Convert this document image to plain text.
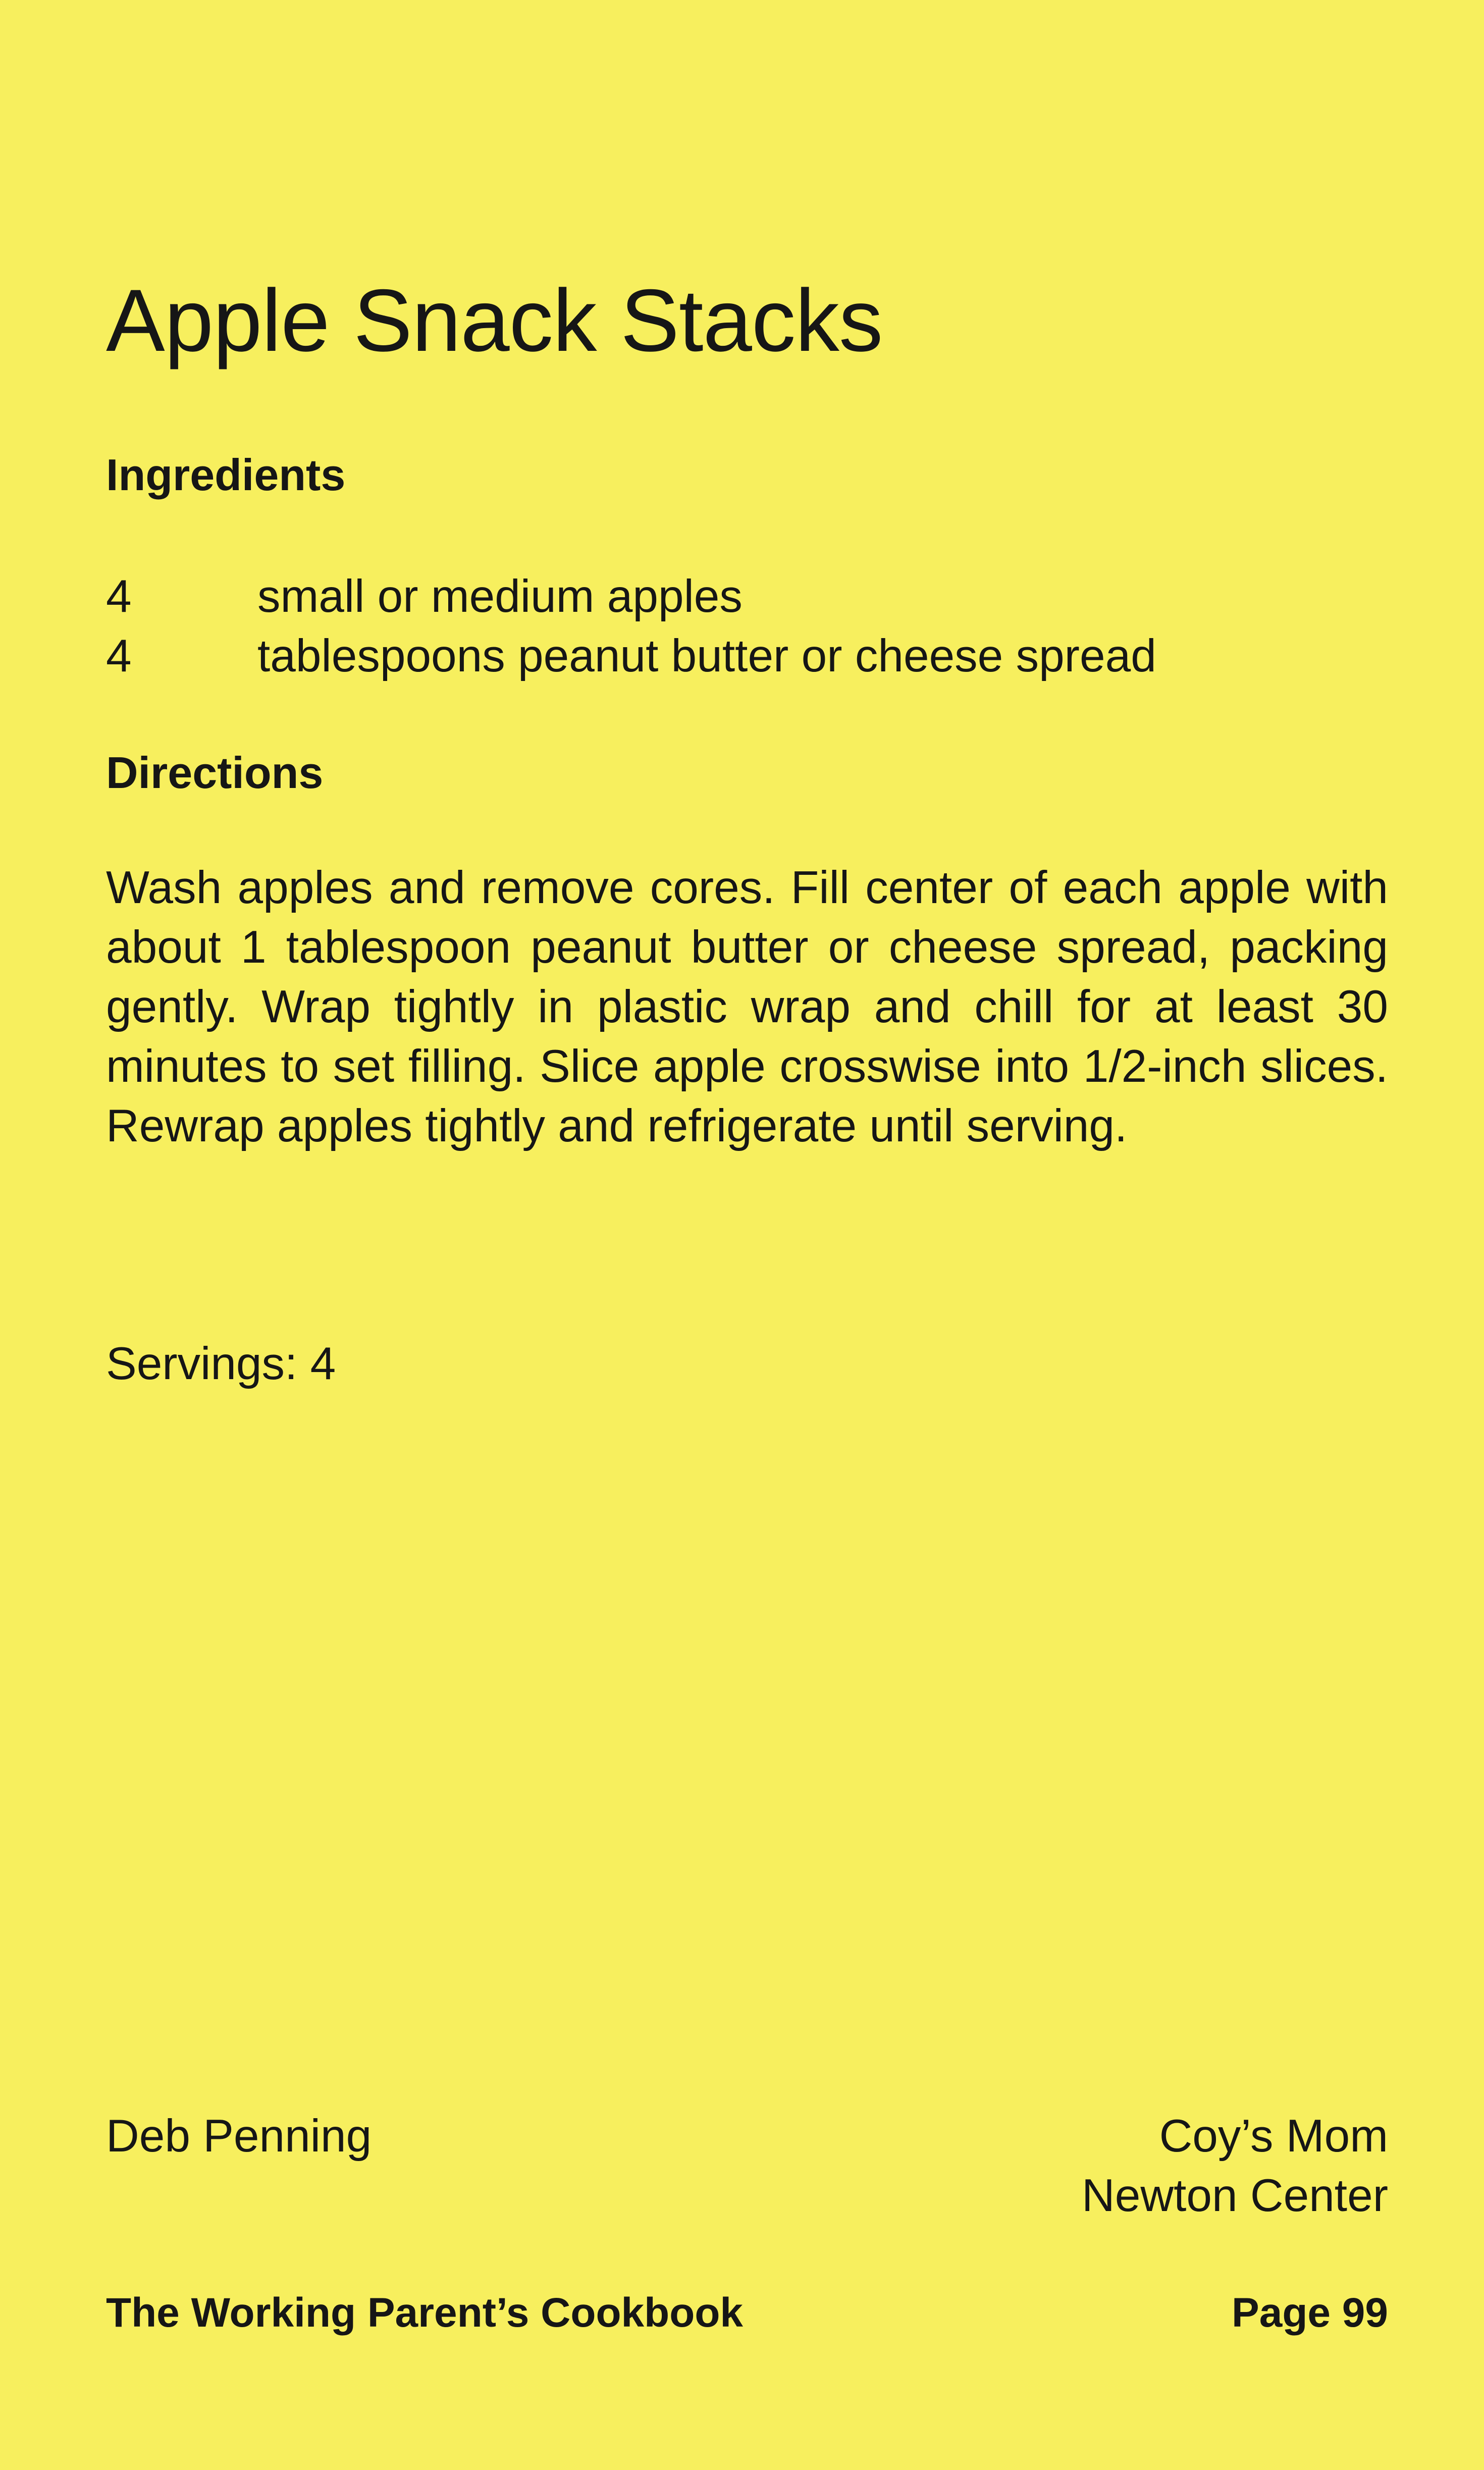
Apple Snack Stacks
Ingredients
4	small or medium apples
4	tablespoons peanut butter or cheese spread
Directions

Wash apples and remove cores. Fill center of each apple with about 1 tablespoon peanut butter or cheese spread, packing gently. Wrap tightly in plastic wrap and chill for at least 30 minutes to set filling. Slice apple crosswise into 1/2-inch slices. Rewrap apples tightly and refrigerate until serving.

Servings: 4

Deb Penning	Coy’s Mom

Newton Center

The Working Parent’s Cookbook	Page 99
